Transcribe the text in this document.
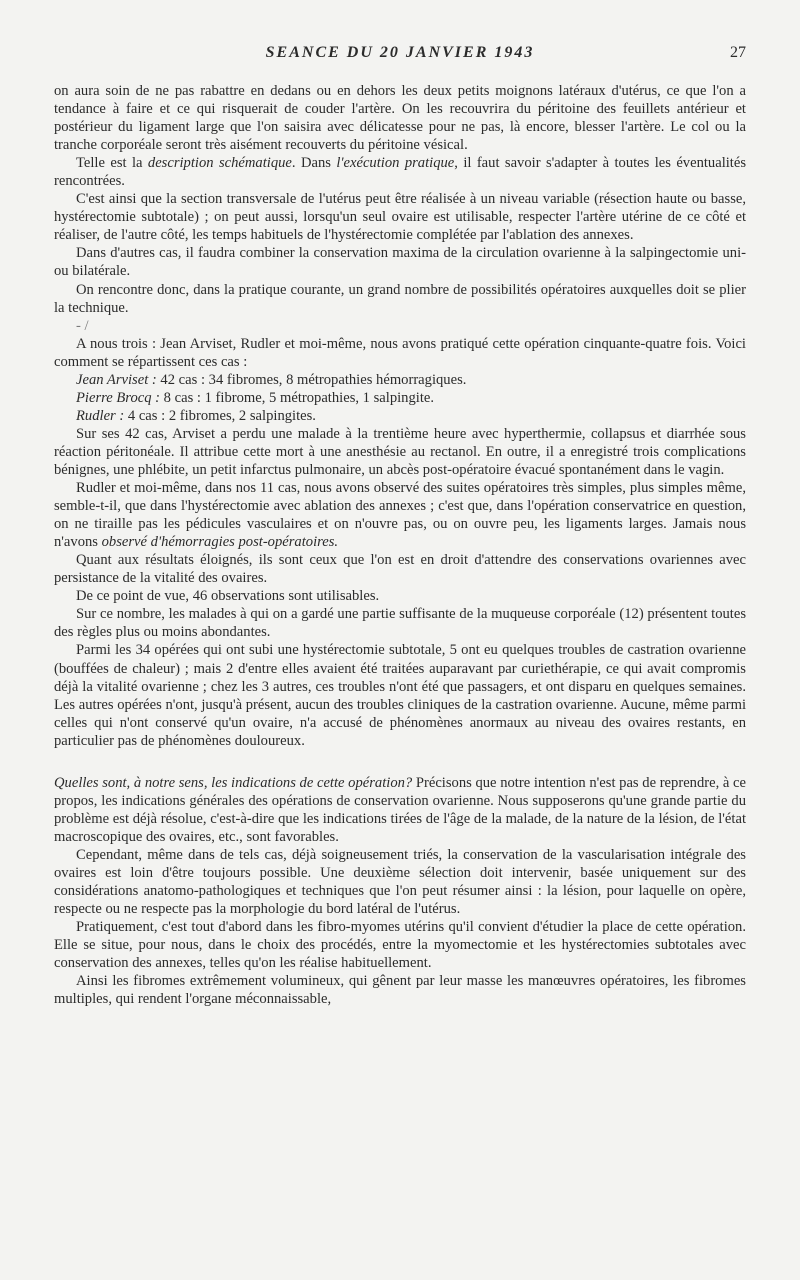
SEANCE DU 20 JANVIER 1943	27

on aura soin de ne pas rabattre en dedans ou en dehors les deux petits moignons latéraux d'utérus, ce que l'on a tendance à faire et ce qui risquerait de couder l'artère. On les recouvrira du péritoine des feuillets antérieur et postérieur du ligament large que l'on saisira avec délicatesse pour ne pas, là encore, blesser l'artère. Le col ou la tranche corporéale seront très aisément recouverts du péritoine vésical.

Telle est la description schématique. Dans l'exécution pratique, il faut savoir s'adapter à toutes les éventualités rencontrées.

C'est ainsi que la section transversale de l'utérus peut être réalisée à un niveau variable (résection haute ou basse, hystérectomie subtotale) ; on peut aussi, lorsqu'un seul ovaire est utilisable, respecter l'artère utérine de ce côté et réaliser, de l'autre côté, les temps habituels de l'hystérectomie complétée par l'ablation des annexes.

Dans d'autres cas, il faudra combiner la conservation maxima de la circulation ovarienne à la salpingectomie uni- ou bilatérale.

On rencontre donc, dans la pratique courante, un grand nombre de possibilités opératoires auxquelles doit se plier la technique.

- /

A nous trois : Jean Arviset, Rudler et moi-même, nous avons pratiqué cette opération cinquante-quatre fois. Voici comment se répartissent ces cas :

Jean Arviset : 42 cas : 34 fibromes, 8 métropathies hémorragiques.

Pierre Brocq : 8 cas : 1 fibrome, 5 métropathies, 1 salpingite.

Rudler : 4 cas : 2 fibromes, 2 salpingites.

Sur ses 42 cas, Arviset a perdu une malade à la trentième heure avec hyperthermie, collapsus et diarrhée sous réaction péritonéale. Il attribue cette mort à une anesthésie au rectanol. En outre, il a enregistré trois complications bénignes, une phlébite, un petit infarctus pulmonaire, un abcès post-opératoire évacué spontanément dans le vagin.

Rudler et moi-même, dans nos 11 cas, nous avons observé des suites opératoires très simples, plus simples même, semble-t-il, que dans l'hystérectomie avec ablation des annexes ; c'est que, dans l'opération conservatrice en question, on ne tiraille pas les pédicules vasculaires et on n'ouvre pas, ou on ouvre peu, les ligaments larges. Jamais nous n'avons observé d'hémorragies post-opératoires.

Quant aux résultats éloignés, ils sont ceux que l'on est en droit d'attendre des conservations ovariennes avec persistance de la vitalité des ovaires.

De ce point de vue, 46 observations sont utilisables.

Sur ce nombre, les malades à qui on a gardé une partie suffisante de la muqueuse corporéale (12) présentent toutes des règles plus ou moins abondantes.

Parmi les 34 opérées qui ont subi une hystérectomie subtotale, 5 ont eu quelques troubles de castration ovarienne (bouffées de chaleur) ; mais 2 d'entre elles avaient été traitées auparavant par curiethérapie, ce qui avait compromis déjà la vitalité ovarienne ; chez les 3 autres, ces troubles n'ont été que passagers, et ont disparu en quelques semaines. Les autres opérées n'ont, jusqu'à présent, aucun des troubles cliniques de la castration ovarienne. Aucune, même parmi celles qui n'ont conservé qu'un ovaire, n'a accusé de phénomènes anormaux au niveau des ovaires restants, en particulier pas de phénomènes douloureux.

Quelles sont, à notre sens, les indications de cette opération? Précisons que notre intention n'est pas de reprendre, à ce propos, les indications générales des opérations de conservation ovarienne. Nous supposerons qu'une grande partie du problème est déjà résolue, c'est-à-dire que les indications tirées de l'âge de la malade, de la nature de la lésion, de l'état macroscopique des ovaires, etc., sont favorables.

Cependant, même dans de tels cas, déjà soigneusement triés, la conservation de la vascularisation intégrale des ovaires est loin d'être toujours possible. Une deuxième sélection doit intervenir, basée uniquement sur des considérations anatomo-pathologiques et techniques que l'on peut résumer ainsi : la lésion, pour laquelle on opère, respecte ou ne respecte pas la morphologie du bord latéral de l'utérus.

Pratiquement, c'est tout d'abord dans les fibro-myomes utérins qu'il convient d'étudier la place de cette opération. Elle se situe, pour nous, dans le choix des procédés, entre la myomectomie et les hystérectomies subtotales avec conservation des annexes, telles qu'on les réalise habituellement.

Ainsi les fibromes extrêmement volumineux, qui gênent par leur masse les manœuvres opératoires, les fibromes multiples, qui rendent l'organe méconnaissable,
